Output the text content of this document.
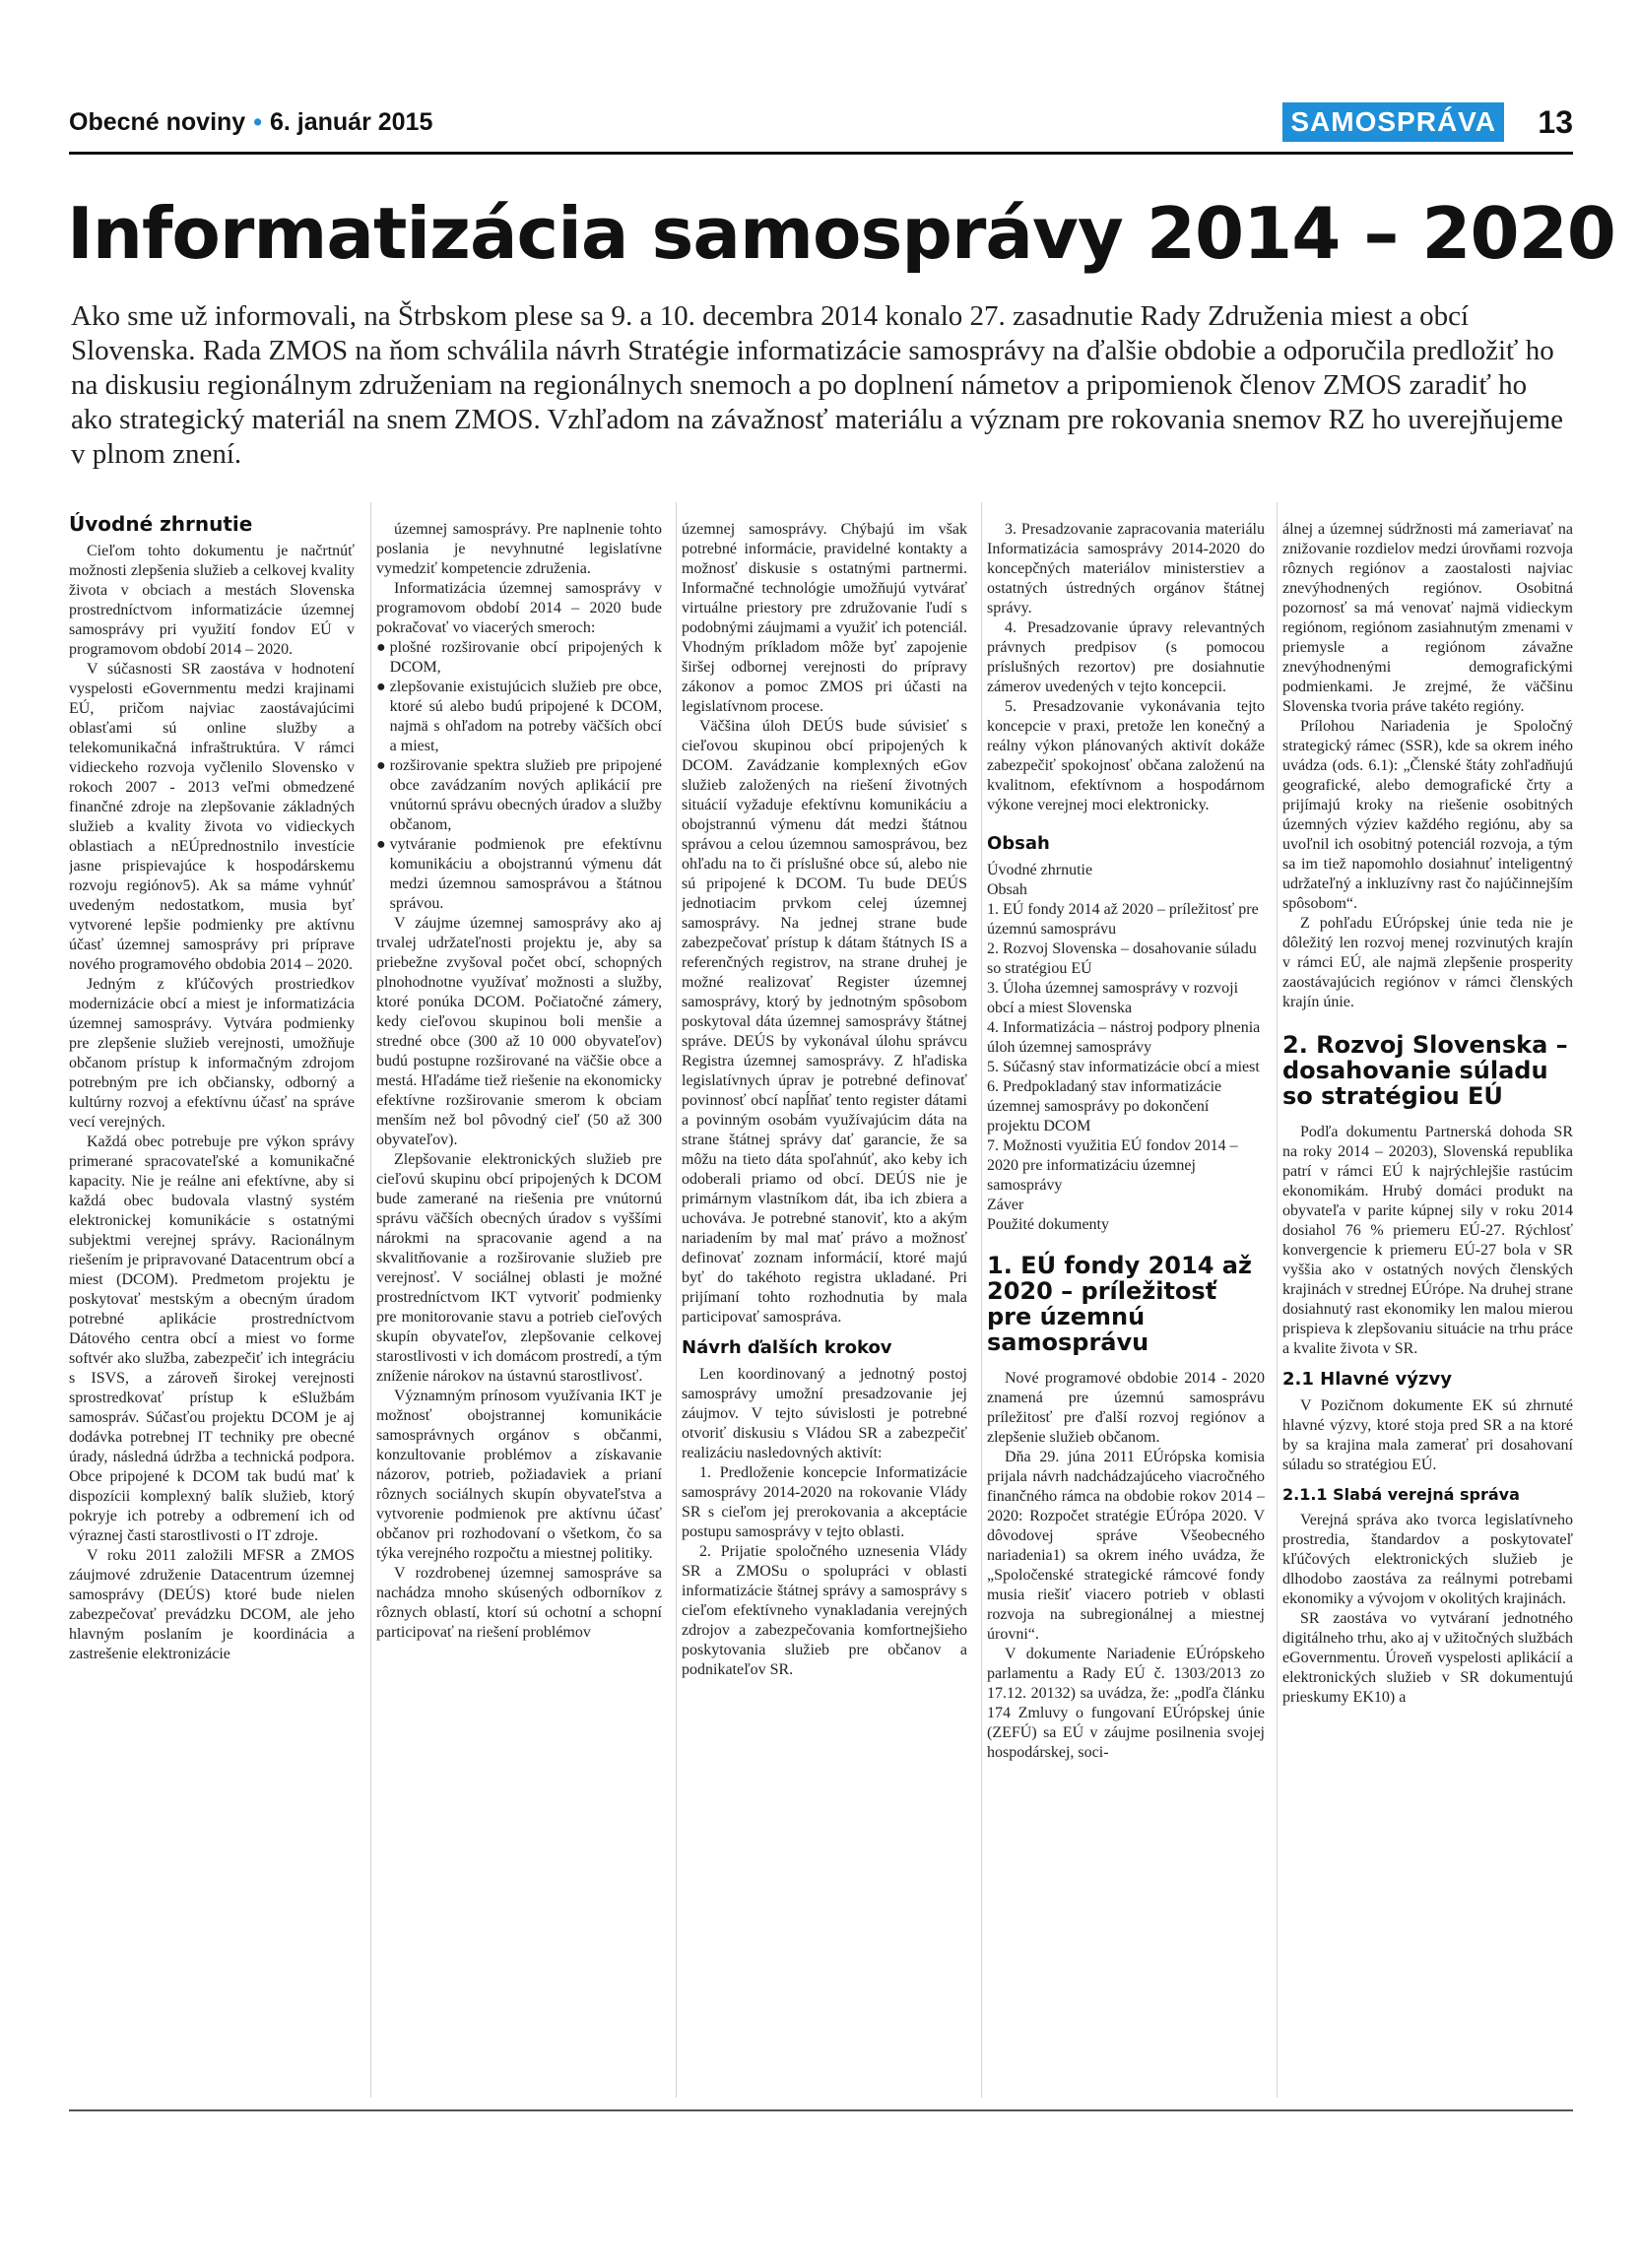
Obecné noviny • 6. január 2015	SAMOSPRÁVA 13
Informatizácia samosprávy 2014 – 2020

Ako sme už informovali, na Štrbskom plese sa 9. a 10. decembra 2014 konalo 27. zasadnutie Rady Združenia miest a obcí Slovenska. Rada ZMOS na ňom schválila návrh Stratégie informatizácie samosprávy na ďalšie obdobie a odporučila predložiť ho na diskusiu regionálnym združeniam na regionálnych snemoch a po doplnení námetov a pripomienok členov ZMOS zaradiť ho ako strategický materiál na snem ZMOS. Vzhľadom na závažnosť materiálu a význam pre rokovania snemov RZ ho uverejňujeme v plnom znení.

Úvodné zhrnutie

Cieľom tohto dokumentu je načrtnúť možnosti zlepšenia služieb a celkovej kvality života v obciach a mestách Slovenska prostredníctvom informatizácie územnej samosprávy pri využití fondov EÚ v programovom období 2014 – 2020.

V súčasnosti SR zaostáva v hodnotení vyspelosti eGovernmentu medzi krajinami EÚ, pričom najviac zaostávajúcimi oblasťami sú online služby a telekomunikačná infraštruktúra. V rámci vidieckeho rozvoja vyčlenilo Slovensko v rokoch 2007 - 2013 veľmi obmedzené finančné zdroje na zlepšovanie základných služieb a kvality života vo vidieckych oblastiach a nEÚprednostnilo investície jasne prispievajúce k hospodárskemu rozvoju regiónov5). Ak sa máme vyhnúť uvedeným nedostatkom, musia byť vytvorené lepšie podmienky pre aktívnu účasť územnej samosprávy pri príprave nového programového obdobia 2014 – 2020.

Jedným z kľúčových prostriedkov modernizácie obcí a miest je informatizácia územnej samosprávy. Vytvára podmienky pre zlepšenie služieb verejnosti, umožňuje občanom prístup k informačným zdrojom potrebným pre ich občiansky, odborný a kultúrny rozvoj a efektívnu účasť na správe vecí verejných.

Každá obec potrebuje pre výkon správy primerané spracovateľské a komunikačné kapacity. Nie je reálne ani efektívne, aby si každá obec budovala vlastný systém elektronickej komunikácie s ostatnými subjektmi verejnej správy. Racionálnym riešením je pripravované Datacentrum obcí a miest (DCOM). Predmetom projektu je poskytovať mestským a obecným úradom potrebné aplikácie prostredníctvom Dátového centra obcí a miest vo forme softvér ako služba, zabezpečiť ich integráciu s ISVS, a zároveň širokej verejnosti sprostredkovať prístup k eSlužbám samospráv. Súčasťou projektu DCOM je aj dodávka potrebnej IT techniky pre obecné úrady, následná údržba a technická podpora. Obce pripojené k DCOM tak budú mať k dispozícii komplexný balík služieb, ktorý pokryje ich potreby a odbremení ich od výraznej časti starostlivosti o IT zdroje.

V roku 2011 založili MFSR a ZMOS záujmové združenie Datacentrum územnej samosprávy (DEÚS) ktoré bude nielen zabezpečovať prevádzku DCOM, ale jeho hlavným poslaním je koordinácia a zastrešenie elektronizácie

územnej samosprávy. Pre naplnenie tohto poslania je nevyhnutné legislatívne vymedziť kompetencie združenia.

Informatizácia územnej samosprávy v programovom období 2014 – 2020 bude pokračovať vo viacerých smeroch:

● plošné rozširovanie obcí pripojených k DCOM,
● zlepšovanie existujúcich služieb pre obce, ktoré sú alebo budú pripojené k DCOM, najmä s ohľadom na potreby väčších obcí a miest,
● rozširovanie spektra služieb pre pripojené obce zavádzaním nových aplikácií pre vnútornú správu obecných úradov a služby občanom,
● vytváranie podmienok pre efektívnu komunikáciu a obojstrannú výmenu dát medzi územnou samosprávou a štátnou správou.

V záujme územnej samosprávy ako aj trvalej udržateľnosti projektu je, aby sa priebežne zvyšoval počet obcí, schopných plnohodnotne využívať možnosti a služby, ktoré ponúka DCOM. Počiatočné zámery, kedy cieľovou skupinou boli menšie a stredné obce (300 až 10 000 obyvateľov) budú postupne rozširované na väčšie obce a mestá. Hľadáme tiež riešenie na ekonomicky efektívne rozširovanie smerom k obciam menším než bol pôvodný cieľ (50 až 300 obyvateľov).

Zlepšovanie elektronických služieb pre cieľovú skupinu obcí pripojených k DCOM bude zamerané na riešenia pre vnútornú správu väčších obecných úradov s vyššími nárokmi na spracovanie agend a na skvalitňovanie a rozširovanie služieb pre verejnosť. V sociálnej oblasti je možné prostredníctvom IKT vytvoriť podmienky pre monitorovanie stavu a potrieb cieľových skupín obyvateľov, zlepšovanie celkovej starostlivosti v ich domácom prostredí, a tým zníženie nárokov na ústavnú starostlivosť.

Významným prínosom využívania IKT je možnosť obojstrannej komunikácie samosprávnych orgánov s občanmi, konzultovanie problémov a získavanie názorov, potrieb, požiadaviek a prianí rôznych sociálnych skupín obyvateľstva a vytvorenie podmienok pre aktívnu účasť občanov pri rozhodovaní o všetkom, čo sa týka verejného rozpočtu a miestnej politiky.

V rozdrobenej územnej samospráve sa nachádza mnoho skúsených odborníkov z rôznych oblastí, ktorí sú ochotní a schopní participovať na riešení problémov

územnej samosprávy. Chýbajú im však potrebné informácie, pravidelné kontakty a možnosť diskusie s ostatnými partnermi. Informačné technológie umožňujú vytvárať virtuálne priestory pre združovanie ľudí s podobnými záujmami a využiť ich potenciál. Vhodným príkladom môže byť zapojenie širšej odbornej verejnosti do prípravy zákonov a pomoc ZMOS pri účasti na legislatívnom procese.

Väčšina úloh DEÚS bude súvisieť s cieľovou skupinou obcí pripojených k DCOM. Zavádzanie komplexných eGov služieb založených na riešení životných situácií vyžaduje efektívnu komunikáciu a obojstrannú výmenu dát medzi štátnou správou a celou územnou samosprávou, bez ohľadu na to či príslušné obce sú, alebo nie sú pripojené k DCOM. Tu bude DEÚS jednotiacim prvkom celej územnej samosprávy. Na jednej strane bude zabezpečovať prístup k dátam štátnych IS a referenčných registrov, na strane druhej je možné realizovať Register územnej samosprávy, ktorý by jednotným spôsobom poskytoval dáta územnej samosprávy štátnej správe. DEÚS by vykonával úlohu správcu Registra územnej samosprávy. Z hľadiska legislatívnych úprav je potrebné definovať povinnosť obcí napĺňať tento register dátami a povinným osobám využívajúcim dáta na strane štátnej správy dať garancie, že sa môžu na tieto dáta spoľahnúť, ako keby ich odoberali priamo od obcí. DEÚS nie je primárnym vlastníkom dát, iba ich zbiera a uchováva. Je potrebné stanoviť, kto a akým nariadením by mal mať právo a možnosť definovať zoznam informácií, ktoré majú byť do takéhoto registra ukladané. Pri prijímaní tohto rozhodnutia by mala participovať samospráva.

Návrh ďalších krokov

Len koordinovaný a jednotný postoj samosprávy umožní presadzovanie jej záujmov. V tejto súvislosti je potrebné otvoriť diskusiu s Vládou SR a zabezpečiť realizáciu nasledovných aktivít:

1. Predloženie koncepcie Informatizácie samosprávy 2014-2020 na rokovanie Vlády SR s cieľom jej prerokovania a akceptácie postupu samosprávy v tejto oblasti.

2. Prijatie spoločného uznesenia Vlády SR a ZMOSu o spolupráci v oblasti informatizácie štátnej správy a samosprávy s cieľom efektívneho vynakladania verejných zdrojov a zabezpečovania komfortnejšieho poskytovania služieb pre občanov a podnikateľov SR.

3. Presadzovanie zapracovania materiálu Informatizácia samosprávy 2014-2020 do koncepčných materiálov ministerstiev a ostatných ústredných orgánov štátnej správy.

4. Presadzovanie úpravy relevantných právnych predpisov (s pomocou príslušných rezortov) pre dosiahnutie zámerov uvedených v tejto koncepcii.

5. Presadzovanie vykonávania tejto koncepcie v praxi, pretože len konečný a reálny výkon plánovaných aktivít dokáže zabezpečiť spokojnosť občana založenú na kvalitnom, efektívnom a hospodárnom výkone verejnej moci elektronicky.

Obsah
Úvodné zhrnutie
Obsah
1. EÚ fondy 2014 až 2020 – príležitosť pre územnú samosprávu
2. Rozvoj Slovenska – dosahovanie súladu so stratégiou EÚ
3. Úloha územnej samosprávy v rozvoji obcí a miest Slovenska
4. Informatizácia – nástroj podpory plnenia úloh územnej samosprávy
5. Súčasný stav informatizácie obcí a miest
6. Predpokladaný stav informatizácie územnej samosprávy po dokončení projektu DCOM
7. Možnosti využitia EÚ fondov 2014 – 2020 pre informatizáciu územnej samosprávy
Záver
Použité dokumenty
1. EÚ fondy 2014 až 2020 – príležitosť pre územnú samosprávu

Nové programové obdobie 2014 - 2020 znamená pre územnú samosprávu príležitosť pre ďalší rozvoj regiónov a zlepšenie služieb občanom.

Dňa 29. júna 2011 EÚrópska komisia prijala návrh nadchádzajúceho viacročného finančného rámca na obdobie rokov 2014 – 2020: Rozpočet stratégie EÚrópa 2020. V dôvodovej správe Všeobecného nariadenia1) sa okrem iného uvádza, že „Spoločenské strategické rámcové fondy musia riešiť viacero potrieb v oblasti rozvoja na subregionálnej a miestnej úrovni“.

V dokumente Nariadenie EÚrópskeho parlamentu a Rady EÚ č. 1303/2013 zo 17.12. 20132) sa uvádza, že: „podľa článku 174 Zmluvy o fungovaní EÚrópskej únie (ZEFÚ) sa EÚ v záujme posilnenia svojej hospodárskej, soci-

álnej a územnej súdržnosti má zameriavať na znižovanie rozdielov medzi úrovňami rozvoja rôznych regiónov a zaostalosti najviac znevýhodnených regiónov. Osobitná pozornosť sa má venovať najmä vidieckym regiónom, regiónom zasiahnutým zmenami v priemysle a regiónom závažne znevýhodnenými demografickými podmienkami. Je zrejmé, že väčšinu Slovenska tvoria práve takéto regióny.

Prílohou Nariadenia je Spoločný strategický rámec (SSR), kde sa okrem iného uvádza (ods. 6.1): „Členské štáty zohľadňujú geografické, alebo demografické črty a prijímajú kroky na riešenie osobitných územných výziev každého regiónu, aby sa uvoľnil ich osobitný potenciál rozvoja, a tým sa im tiež napomohlo dosiahnuť inteligentný udržateľný a inkluzívny rast čo najúčinnejším spôsobom“.

Z pohľadu EÚrópskej únie teda nie je dôležitý len rozvoj menej rozvinutých krajín v rámci EÚ, ale najmä zlepšenie prosperity zaostávajúcich regiónov v rámci členských krajín únie.

2. Rozvoj Slovenska – dosahovanie súladu so stratégiou EÚ

Podľa dokumentu Partnerská dohoda SR na roky 2014 – 20203), Slovenská republika patrí v rámci EÚ k najrýchlejšie rastúcim ekonomikám. Hrubý domáci produkt na obyvateľa v parite kúpnej sily v roku 2014 dosiahol 76 % priemeru EÚ-27. Rýchlosť konvergencie k priemeru EÚ-27 bola v SR vyššia ako v ostatných nových členských krajinách v strednej EÚrópe. Na druhej strane dosiahnutý rast ekonomiky len malou mierou prispieva k zlepšovaniu situácie na trhu práce a kvalite života v SR.

2.1 Hlavné výzvy

V Pozičnom dokumente EK sú zhrnuté hlavné výzvy, ktoré stoja pred SR a na ktoré by sa krajina mala zamerať pri dosahovaní súladu so stratégiou EÚ.

2.1.1 Slabá verejná správa

Verejná správa ako tvorca legislatívneho prostredia, štandardov a poskytovateľ kľúčových elektronických služieb je dlhodobo zaostáva za reálnymi potrebami ekonomiky a vývojom v okolitých krajinách.

SR zaostáva vo vytváraní jednotného digitálneho trhu, ako aj v užitočných službách eGovernmentu. Úroveň vyspelosti aplikácií a elektronických služieb v SR dokumentujú prieskumy EK10) a
